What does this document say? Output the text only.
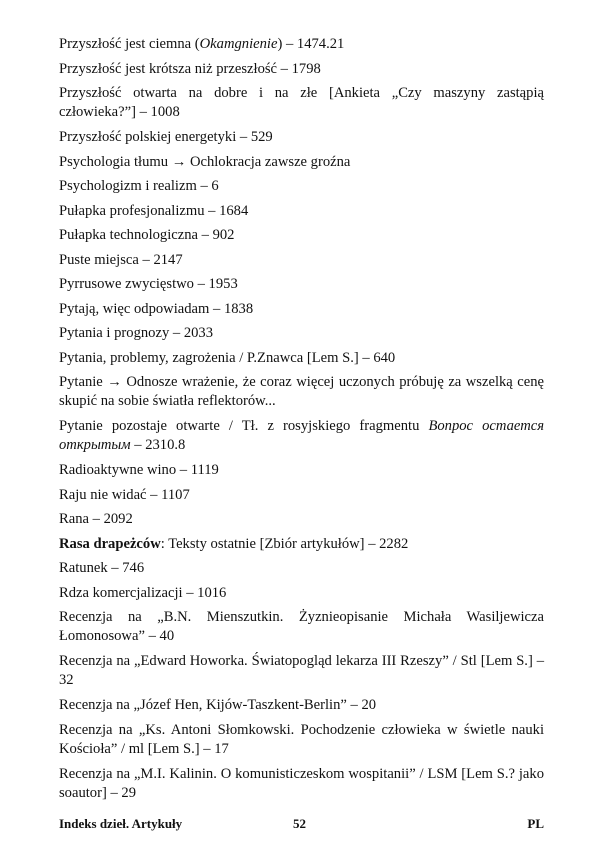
Przyszłość jest ciemna (Okamgnienie) – 1474.21

Przyszłość jest krótsza niż przeszłość – 1798

Przyszłość otwarta na dobre i na złe [Ankieta „Czy maszyny zastąpią człowieka?”] – 1008

Przyszłość polskiej energetyki – 529

Psychologia tłumu → Ochlokracja zawsze groźna

Psychologizm i realizm – 6

Pułapka profesjonalizmu – 1684

Pułapka technologiczna – 902

Puste miejsca – 2147

Pyrrusowe zwycięstwo – 1953

Pytają, więc odpowiadam – 1838

Pytania i prognozy – 2033

Pytania, problemy, zagrożenia / P.Znawca [Lem S.] – 640

Pytanie → Odnosze wrażenie, że coraz więcej uczonych próbuję za wszelką cenę skupić na sobie światła reflektorów...

Pytanie pozostaje otwarte / Tł. z rosyjskiego fragmentu Вопрос остается открытым – 2310.8

Radioaktywne wino – 1119

Raju nie widać – 1107

Rana – 2092

Rasa drapeżców: Teksty ostatnie [Zbiór artykułów] – 2282

Ratunek – 746

Rdza komercjalizacji – 1016

Recenzja na „B.N. Mienszutkin. Żyznieopisanie Michała Wasiljewicza Łomonosowa” – 40

Recenzja na „Edward Howorka. Światopogląd lekarza III Rzeszy” / Stl [Lem S.] – 32

Recenzja na „Józef Hen, Kijów-Taszkent-Berlin” – 20

Recenzja na „Ks. Antoni Słomkowski. Pochodzenie człowieka w świetle nauki Kościoła” / ml [Lem S.] – 17

Recenzja na „M.I. Kalinin. O komunisticzeskom wospitanii” / LSM [Lem S.? jako soautor] – 29

Indeks dzieł. Artykuły	52	PL
